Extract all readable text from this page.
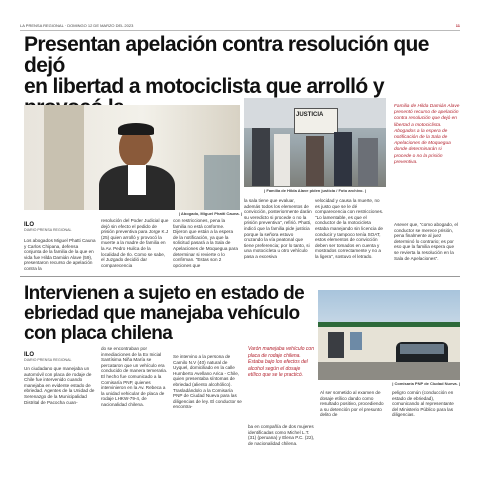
LA PRENSA REGIONAL · DOMINGO 12 DE MARZO DEL 2023	11
Presentan apelación contra resolución que dejó
en libertad a motociclista que arrolló y
| Abogado, Miguel Phatti Cauna. |
JUSTICIA
| Familia de Hilda Alave piden justicia / Foto archivo. |
Familia de Hilda Damián Alave presentó recurso de apelación contra resolución que dejó en libertad a motociclista. Abogados a la espera de notificación de la Sala de Apelaciones de Moquegua donde determinarán si procede o no la prisión preventiva.
ILO
DIARIO PRENSA REGIONAL

Los abogados Miguel Phatti Cauna y Carlos Chipana, defensa conjunta de la familia de la que en vida fue Hilda Damián Alave (59), presentaron recurso de apelación contra la

resolución del Poder Judicial que dejó sin efecto el pedido de prisión preventiva para Jorge K.J (25) quien arrolló y provocó la muerte a la madre de familia en la Av. Pedro Huilca de la localidad de Ilo. Como se sabe, el Juzgado decidió dar comparecencia

con restricciones, pena la familia no está conforme. Dijeron que están a la espera de la notificación, ya que la solicitud pasará a la Sala de Apelaciones de Moquegua para determinar si revierte o lo confirman. "Estas son 2 opciones que

la sala tiene que evaluar, además todos los elementos de convicción, posteriormente darán su veredicto si procede o no la prisión preventiva", refirió. Phatti, indicó que la familia pide justicia porque la señora estuvo cruzando la vía peatonal que tiene preferencia; por lo tanto, si una motocicleta u otro vehículo pasa a excesiva

velocidad y causa la muerte, no es justo que se le dé comparecencia con restricciones. "Lo lamentable, es que el conductor de la motocicleta estaba manejando sin licencia de conducir y tampoco tenía SOAT, estos elementos de convicción deben ser tomados en cuenta y mostrados correctamente y no a la ligera", sostuvo el letrado.

Asever que, "como abogado, el conductor se merece prisión, pena finalmente al juez determinó lo contrario; es por eso que la familia espera que se revierta la resolución en la Sala de Apelaciones".

Intervienen a sujeto en estado de
ebriedad que manejaba vehículo
con placa chilena
| Comisaría PNP de Ciudad Nueva. |
ILO
DIARIO PRENSA REGIONAL

Un ciudadano que manejaba un automóvil con placa de rodaje de Chile fue intervenido cuando manejaba en evidente estado de ebriedad. Agentes de la Unidad de Serenazgo de la Municipalidad Distrital de Pacocha cuan-

do se encontraban por inmediaciones de la Ex Inicial Santísima Niña María se percataron que un vehículo era conducido de manera temeraria. El hecho fue comunicado a la Comisaría PNP, quienes intervinieron en la Av. Rebeca a la unidad vehicular de placa de rodaje LHKW-79-4, de nacionalidad chilena.

Se intervino a la persona de Camilo N.V (40) natural de Uyquel, domiciliado en la calle Humberto Avellano Arica - Chile, quien presentaba síntomas de ebriedad (aliento alcohólico). Trasladándolo a la Comisaría PNP de Ciudad Nueva para las diligencias de ley. El conductor se encontra-

Varón manejaba vehículo con placa de rodaje chilena. Estaba bajo los efectos del alcohol según el dosaje etílico que se le practicó.

ba en compañía de dos mujeres identificadas como Michel L.T. (31) (peruana) y Elena P.C. (22), de nacionalidad chilena.

Al ser sometido al examen de dosaje etílico dando como resultado positivo, procediendo a su detención por el presunto delito de

peligro común (conducción en estado de ebriedad), comunicando al representante del Ministerio Público para las diligencias.
